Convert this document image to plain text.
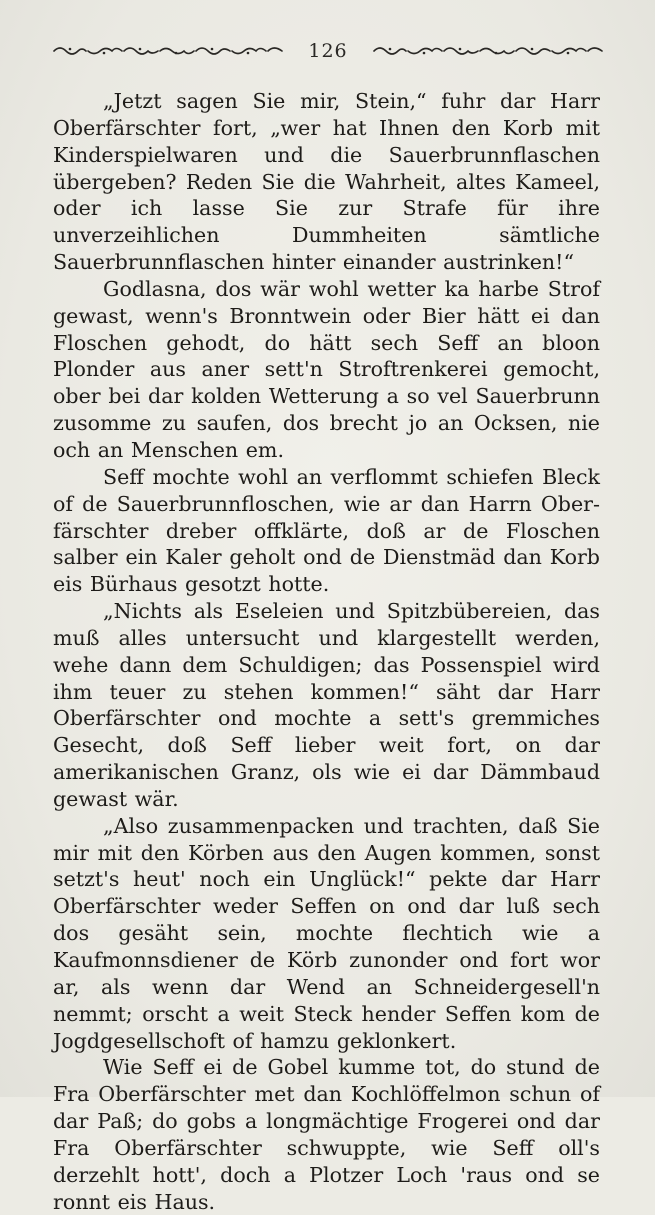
126

„Jetzt sagen Sie mir, Stein,“ fuhr dar Harr Oberfärschter fort, „wer hat Ihnen den Korb mit Kinderspielwaren und die Sauerbrunnflaschen übergeben? Reden Sie die Wahrheit, altes Kameel, oder ich lasse Sie zur Strafe für ihre unverzeihlichen Dummheiten sämtliche Sauerbrunnflaschen hinter einander austrinken!“

Godlasna, dos wär wohl wetter ka harbe Strof gewast, wenn's Bronntwein oder Bier hätt ei dan Floschen gehodt, do hätt sech Seff an bloon Plonder aus aner sett'n Stroftrenkerei gemocht, ober bei dar kolden Wetterung a so vel Sauerbrunn zusomme zu saufen, dos brecht jo an Ocksen, nie och an Menschen em.

Seff mochte wohl an verflommt schiefen Bleck of de Sauerbrunnfloschen, wie ar dan Harrn Oberfärschter dreber offklärte, doß ar de Floschen salber ein Kaler geholt ond de Dienstmäd dan Korb eis Bürhaus gesotzt hotte.

„Nichts als Eseleien und Spitzbübereien, das muß alles untersucht und klargestellt werden, wehe dann dem Schuldigen; das Possenspiel wird ihm teuer zu stehen kommen!“ säht dar Harr Oberfärschter ond mochte a sett's gremmiches Gesecht, doß Seff lieber weit fort, on dar amerikanischen Granz, ols wie ei dar Dämmbaud gewast wär.

„Also zusammenpacken und trachten, daß Sie mir mit den Körben aus den Augen kommen, sonst setzt's heut' noch ein Unglück!“ pekte dar Harr Oberfärschter weder Seffen on ond dar luß sech dos gesäht sein, mochte flechtich wie a Kaufmonnsdiener de Körb zunonder ond fort wor ar, als wenn dar Wend an Schneidergesell'n nemmt; orscht a weit Steck hender Seffen kom de Jogdgesellschoft of hamzu geklonkert.

Wie Seff ei de Gobel kumme tot, do stund de Fra Oberfärschter met dan Kochlöffelmon schun of dar Paß; do gobs a longmächtige Frogerei ond dar Fra Oberfärschter schwuppte, wie Seff oll's derzehlt hott', doch a Plotzer Loch 'raus ond se ronnt eis Haus.
